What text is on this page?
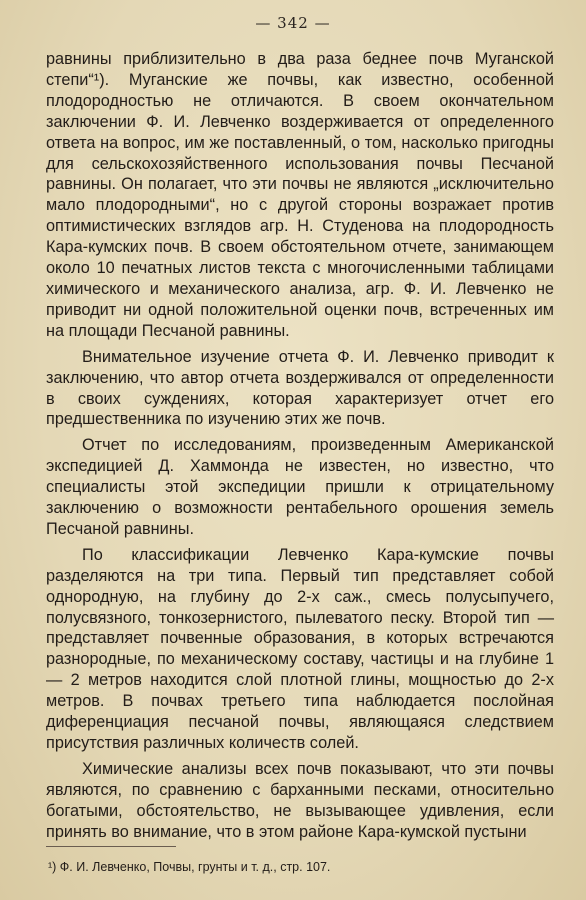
— 342 —

равнины приблизительно в два раза беднее почв Муганской степи“¹). Муганские же почвы, как известно, особенной плодородностью не отличаются. В своем окончательном заключении Ф. И. Левченко воздерживается от определенного ответа на вопрос, им же поставленный, о том, насколько пригодны для сельскохозяйственного использования почвы Песчаной равнины. Он полагает, что эти почвы не являются „исключительно мало плодородными“, но с другой стороны возражает против оптимистических взглядов агр. Н. Студенова на плодородность Кара-кумских почв. В своем обстоятельном отчете, занимающем около 10 печатных листов текста с многочисленными таблицами химического и механического анализа, агр. Ф. И. Левченко не приводит ни одной положительной оценки почв, встреченных им на площади Песчаной равнины.

Внимательное изучение отчета Ф. И. Левченко приводит к заключению, что автор отчета воздерживался от определенности в своих суждениях, которая характеризует отчет его предшественника по изучению этих же почв.

Отчет по исследованиям, произведенным Американской экспедицией Д. Хаммонда не известен, но известно, что специалисты этой экспедиции пришли к отрицательному заключению о возможности рентабельного орошения земель Песчаной равнины.

По классификации Левченко Кара-кумские почвы разделяются на три типа. Первый тип представляет собой однородную, на глубину до 2-х саж., смесь полусыпучего, полусвязного, тонкозернистого, пылеватого песку. Второй тип — представляет почвенные образования, в которых встречаются разнородные, по механическому составу, частицы и на глубине 1 — 2 метров находится слой плотной глины, мощностью до 2-х метров. В почвах третьего типа наблюдается послойная диференциация песчаной почвы, являющаяся следствием присутствия различных количеств солей.

Химические анализы всех почв показывают, что эти почвы являются, по сравнению с барханными песками, относительно богатыми, обстоятельство, не вызывающее удивления, если принять во внимание, что в этом районе Кара-кумской пустыни

¹) Ф. И. Левченко, Почвы, грунты и т. д., стр. 107.
